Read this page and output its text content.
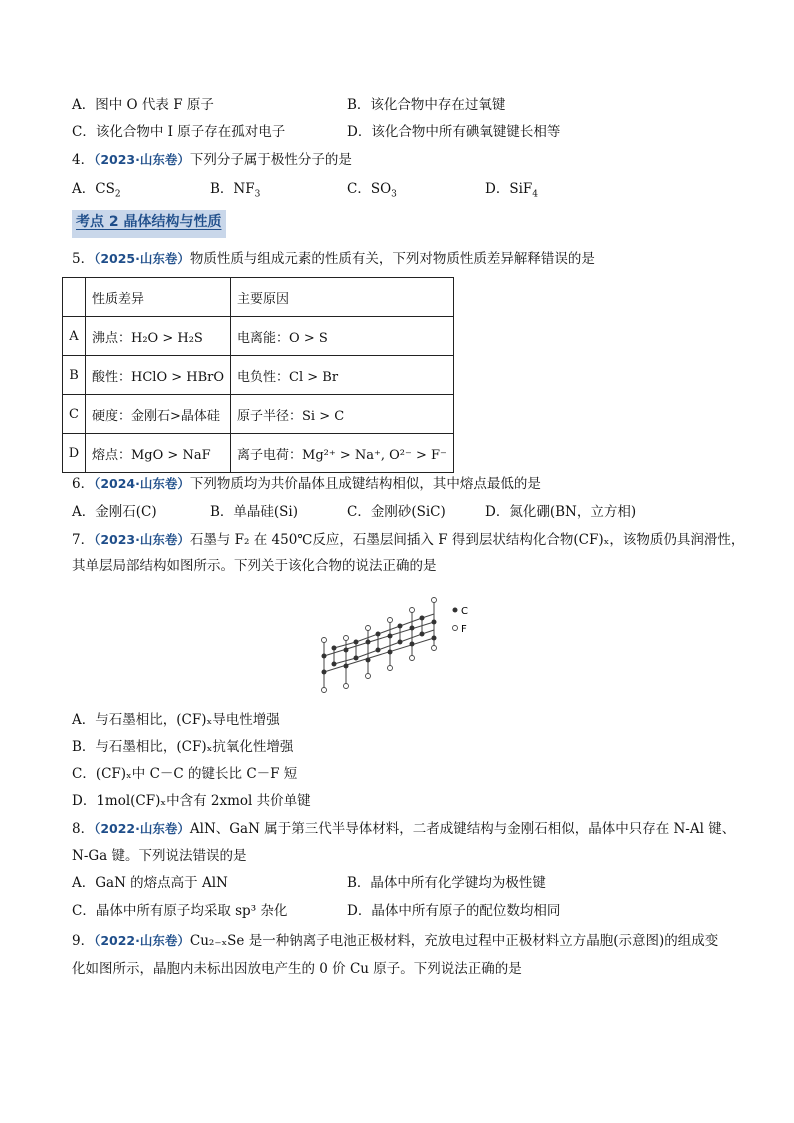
A．图中 O 代表 F 原子	B．该化合物中存在过氧键
C．该化合物中 I 原子存在孤对电子	D．该化合物中所有碘氧键键长相等
4．（2023·山东卷）下列分子属于极性分子的是
A．$CS_2$	B．$NF_3$	C．$SO_3$	D．SiF$_4$
考点 2 晶体结构与性质
5．（2025·山东卷）物质性质与组成元素的性质有关，下列对物质性质差异解释错误的是
	性质差异	主要原因
A	沸点：H₂O > H₂S	电离能：O > S
B	酸性：HClO > HBrO	电负性：Cl > Br
C	硬度：金刚石>晶体硅	原子半径：Si > C
D	熔点：MgO > NaF	离子电荷：Mg²⁺ > Na⁺, O²⁻ > F⁻
6．（2024·山东卷）下列物质均为共价晶体且成键结构相似，其中熔点最低的是
A．金刚石(C)	B．单晶硅(Si)	C．金刚砂(SiC)	D．氮化硼(BN，立方相)
7．（2023·山东卷）石墨与 F₂ 在 450℃反应，石墨层间插入 F 得到层状结构化合物(CF)ₓ，该物质仍具润滑性，
其单层局部结构如图所示。下列关于该化合物的说法正确的是
C
F
A．与石墨相比，(CF)ₓ导电性增强
B．与石墨相比，(CF)ₓ抗氧化性增强
C．(CF)ₓ中 C－C 的键长比 C－F 短
D．1mol(CF)ₓ中含有 2xmol 共价单键
8．（2022·山东卷）AlN、GaN 属于第三代半导体材料，二者成键结构与金刚石相似，晶体中只存在 N-Al 键、
N-Ga 键。下列说法错误的是
A．GaN 的熔点高于 AlN	B．晶体中所有化学键均为极性键
C．晶体中所有原子均采取 sp³ 杂化	D．晶体中所有原子的配位数均相同
9．（2022·山东卷）Cu₂₋ₓSe 是一种钠离子电池正极材料，充放电过程中正极材料立方晶胞(示意图)的组成变
化如图所示，晶胞内未标出因放电产生的 0 价 Cu 原子。下列说法正确的是
